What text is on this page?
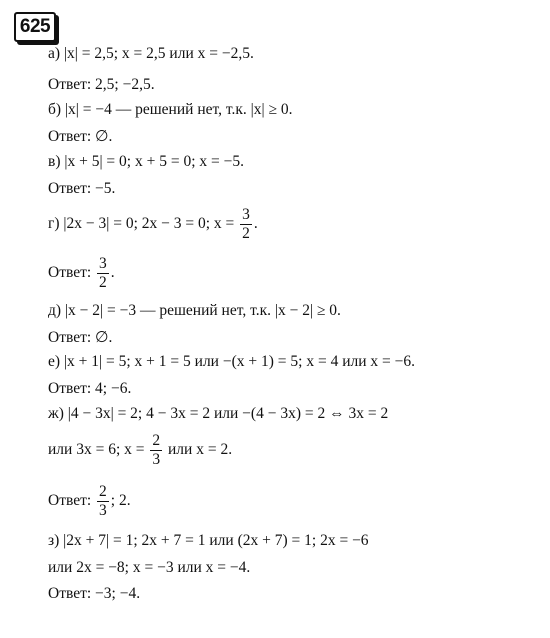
625
а) |x| = 2,5; x = 2,5 или x = −2,5.
Ответ: 2,5; −2,5.
б) |x| = −4 — решений нет, т.к. |x| ≥ 0.
Ответ: ∅.
в) |x + 5| = 0; x + 5 = 0; x = −5.
Ответ: −5.
г) |2x − 3| = 0; 2x − 3 = 0; $x = \frac{3}{2}$ .
Ответ: $\frac{3}{2}$ .
д) |x − 2| = −3 — решений нет, т.к. |x − 2| ≥ 0.
Ответ: ∅.
е) |x + 1| = 5; x + 1 = 5 или −(x + 1) = 5; x = 4 или x = −6.
Ответ: 4; −6.
ж) |4 − 3x| = 2; 4 − 3x = 2 или −(4 − 3x) = 2 ⇔ 3x = 2
или 3x = 6; $x = \frac{2}{3}$ или x = 2.
Ответ: $\frac{2}{3}$ ; 2.
з) |2x + 7| = 1; 2x + 7 = 1 или (2x + 7) = 1; 2x = −6
или 2x = −8; x = −3 или x = −4.
Ответ: −3; −4.
